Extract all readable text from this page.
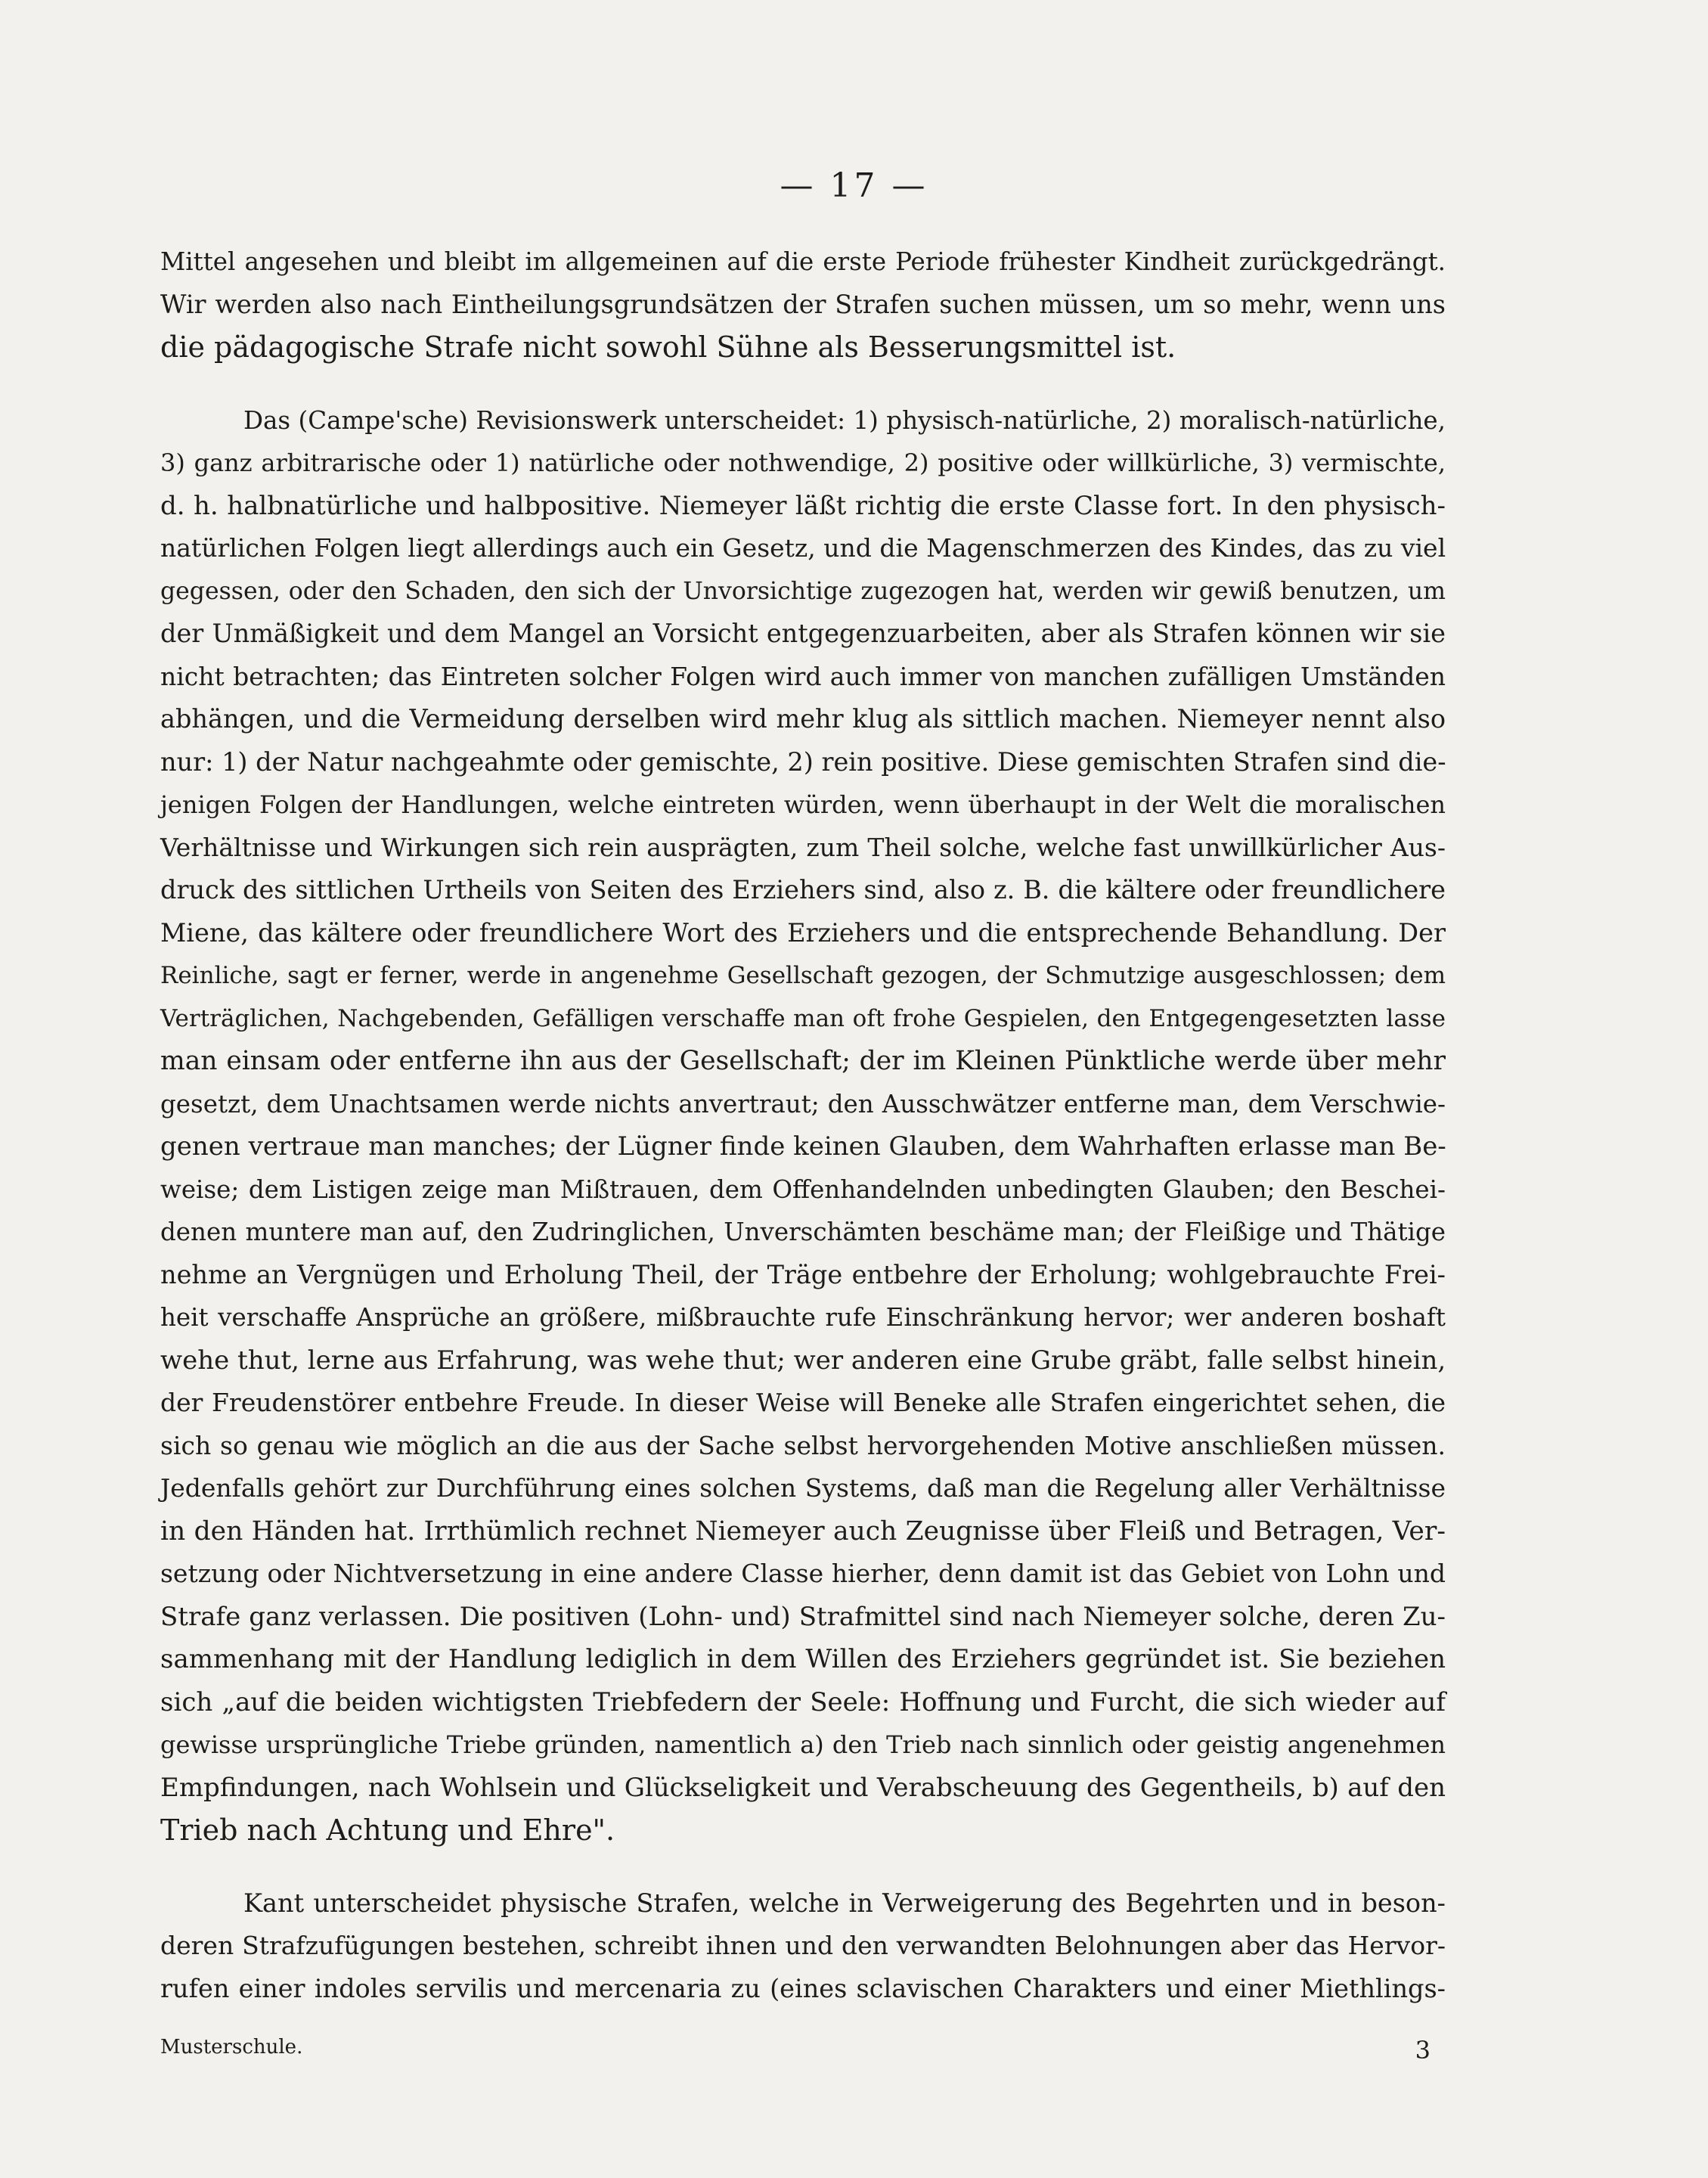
— 17 —
Mittel angesehen und bleibt im allgemeinen auf die erste Periode frühester Kindheit zurückgedrängt.
Wir werden also nach Eintheilungsgrundsätzen der Strafen suchen müssen, um so mehr, wenn uns
die pädagogische Strafe nicht sowohl Sühne als Besserungsmittel ist.
Das (Campe'sche) Revisionswerk unterscheidet: 1) physisch-natürliche, 2) moralisch-natürliche,
3) ganz arbitrarische oder 1) natürliche oder nothwendige, 2) positive oder willkürliche, 3) vermischte,
d. h. halbnatürliche und halbpositive. Niemeyer läßt richtig die erste Classe fort. In den physisch-
natürlichen Folgen liegt allerdings auch ein Gesetz, und die Magenschmerzen des Kindes, das zu viel
gegessen, oder den Schaden, den sich der Unvorsichtige zugezogen hat, werden wir gewiß benutzen, um
der Unmäßigkeit und dem Mangel an Vorsicht entgegenzuarbeiten, aber als Strafen können wir sie
nicht betrachten; das Eintreten solcher Folgen wird auch immer von manchen zufälligen Umständen
abhängen, und die Vermeidung derselben wird mehr klug als sittlich machen. Niemeyer nennt also
nur: 1) der Natur nachgeahmte oder gemischte, 2) rein positive. Diese gemischten Strafen sind die-
jenigen Folgen der Handlungen, welche eintreten würden, wenn überhaupt in der Welt die moralischen
Verhältnisse und Wirkungen sich rein ausprägten, zum Theil solche, welche fast unwillkürlicher Aus-
druck des sittlichen Urtheils von Seiten des Erziehers sind, also z. B. die kältere oder freundlichere
Miene, das kältere oder freundlichere Wort des Erziehers und die entsprechende Behandlung. Der
Reinliche, sagt er ferner, werde in angenehme Gesellschaft gezogen, der Schmutzige ausgeschlossen; dem
Verträglichen, Nachgebenden, Gefälligen verschaffe man oft frohe Gespielen, den Entgegengesetzten lasse
man einsam oder entferne ihn aus der Gesellschaft; der im Kleinen Pünktliche werde über mehr
gesetzt, dem Unachtsamen werde nichts anvertraut; den Ausschwätzer entferne man, dem Verschwie-
genen vertraue man manches; der Lügner finde keinen Glauben, dem Wahrhaften erlasse man Be-
weise; dem Listigen zeige man Mißtrauen, dem Offenhandelnden unbedingten Glauben; den Beschei-
denen muntere man auf, den Zudringlichen, Unverschämten beschäme man; der Fleißige und Thätige
nehme an Vergnügen und Erholung Theil, der Träge entbehre der Erholung; wohlgebrauchte Frei-
heit verschaffe Ansprüche an größere, mißbrauchte rufe Einschränkung hervor; wer anderen boshaft
wehe thut, lerne aus Erfahrung, was wehe thut; wer anderen eine Grube gräbt, falle selbst hinein,
der Freudenstörer entbehre Freude. In dieser Weise will Beneke alle Strafen eingerichtet sehen, die
sich so genau wie möglich an die aus der Sache selbst hervorgehenden Motive anschließen müssen.
Jedenfalls gehört zur Durchführung eines solchen Systems, daß man die Regelung aller Verhältnisse
in den Händen hat. Irrthümlich rechnet Niemeyer auch Zeugnisse über Fleiß und Betragen, Ver-
setzung oder Nichtversetzung in eine andere Classe hierher, denn damit ist das Gebiet von Lohn und
Strafe ganz verlassen. Die positiven (Lohn- und) Strafmittel sind nach Niemeyer solche, deren Zu-
sammenhang mit der Handlung lediglich in dem Willen des Erziehers gegründet ist. Sie beziehen
sich „auf die beiden wichtigsten Triebfedern der Seele: Hoffnung und Furcht, die sich wieder auf
gewisse ursprüngliche Triebe gründen, namentlich a) den Trieb nach sinnlich oder geistig angenehmen
Empfindungen, nach Wohlsein und Glückseligkeit und Verabscheuung des Gegentheils, b) auf den
Trieb nach Achtung und Ehre".
Kant unterscheidet physische Strafen, welche in Verweigerung des Begehrten und in beson-
deren Strafzufügungen bestehen, schreibt ihnen und den verwandten Belohnungen aber das Hervor-
rufen einer indoles servilis und mercenaria zu (eines sclavischen Charakters und einer Miethlings-
Musterschule.	3
